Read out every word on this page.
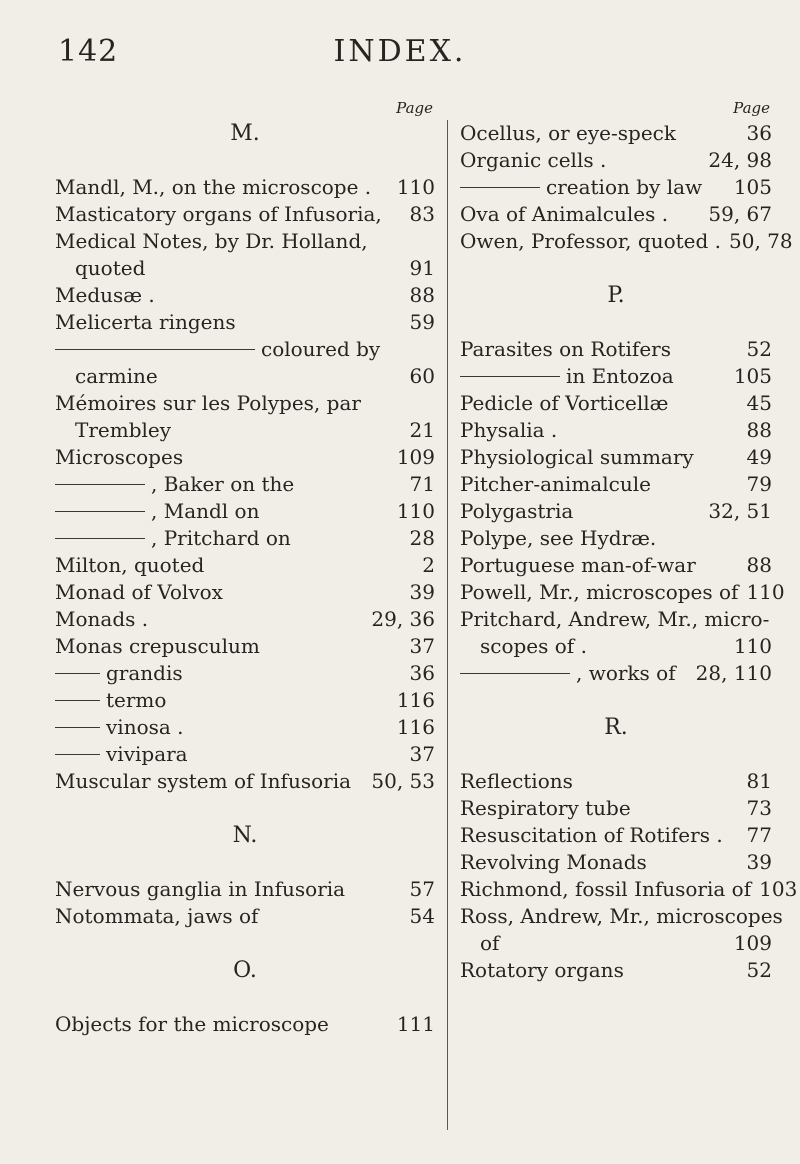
INDEX.
142
Page
M.
Mandl, M., on the microscope . 110
Masticatory organs of Infusoria, 83
Medical Notes, by Dr. Holland,
quoted	91
Medusæ .	88
Melicerta ringens	59
coloured by
carmine	60
Mémoires sur les Polypes, par
Trembley	21
Microscopes	109
, Baker on the	71
, Mandl on	110
, Pritchard on	28
Milton, quoted	2
Monad of Volvox	39
Monads .	29, 36
Monas crepusculum	37
grandis	36
termo	116
vinosa .	116
vivipara	37
Muscular system of Infusoria 50, 53
N.
Nervous ganglia in Infusoria	57
Notommata, jaws of	54
O.
Objects for the microscope	111
Page
Ocellus, or eye-speck	36
Organic cells .	24, 98
creation by law 105
Ova of Animalcules . 59, 67
Owen, Professor, quoted . 50, 78
P.
Parasites on Rotifers	52
in Entozoa	105
Pedicle of Vorticellæ	45
Physalia .	88
Physiological summary	49
Pitcher-animalcule	79
Polygastria	32, 51
Polype, see Hydræ.
Portuguese man-of-war	88
Powell, Mr., microscopes of 110
Pritchard, Andrew, Mr., micro-
scopes of .	110
, works of 28, 110
R.
Reflections	81
Respiratory tube	73
Resuscitation of Rotifers . 77
Revolving Monads	39
Richmond, fossil Infusoria of 103
Ross, Andrew, Mr., microscopes
of	109
Rotatory organs	52
